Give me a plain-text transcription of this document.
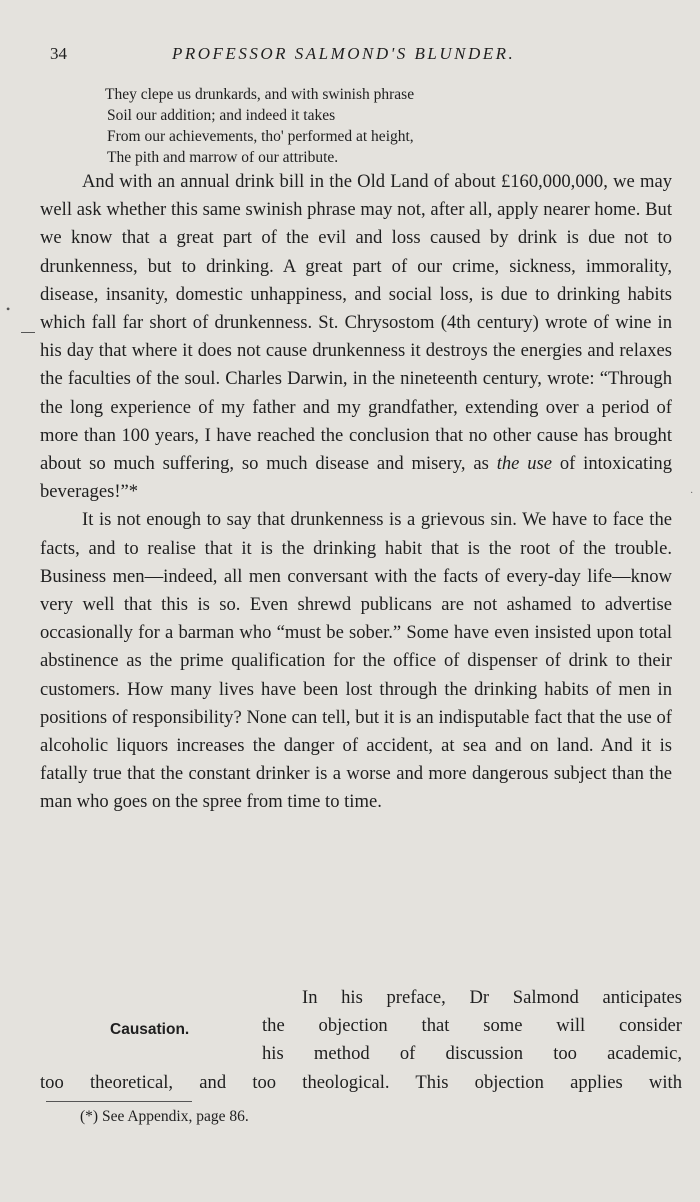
34	PROFESSOR SALMOND'S BLUNDER.
They clepe us drunkards, and with swinish phrase
Soil our addition; and indeed it takes
From our achievements, tho' performed at height,
The pith and marrow of our attribute.

And with an annual drink bill in the Old Land of about £160,000,000, we may well ask whether this same swinish phrase may not, after all, apply nearer home. But we know that a great part of the evil and loss caused by drink is due not to drunkenness, but to drinking. A great part of our crime, sickness, immorality, disease, insanity, domestic unhappiness, and social loss, is due to drinking habits which fall far short of drunkenness. St. Chrysostom (4th century) wrote of wine in his day that where it does not cause drunkenness it destroys the energies and relaxes the faculties of the soul. Charles Darwin, in the nineteenth century, wrote: “Through the long experience of my father and my grandfather, extending over a period of more than 100 years, I have reached the conclusion that no other cause has brought about so much suffering, so much disease and misery, as the use of intoxicating beverages!”*

It is not enough to say that drunkenness is a grievous sin. We have to face the facts, and to realise that it is the drinking habit that is the root of the trouble. Business men—indeed, all men conversant with the facts of every-day life—know very well that this is so. Even shrewd publicans are not ashamed to advertise occasionally for a barman who “must be sober.” Some have even insisted upon total abstinence as the prime qualification for the office of dispenser of drink to their customers. How many lives have been lost through the drinking habits of men in positions of responsibility? None can tell, but it is an indisputable fact that the use of alcoholic liquors increases the danger of accident, at sea and on land. And it is fatally true that the constant drinker is a worse and more dangerous subject than the man who goes on the spree from time to time.

In his preface, Dr Salmond anticipates
the objection that some will consider
his method of discussion too academic,
too theoretical, and too theological. This objection applies with
Causation.
(*) See Appendix, page 86.
•
·
